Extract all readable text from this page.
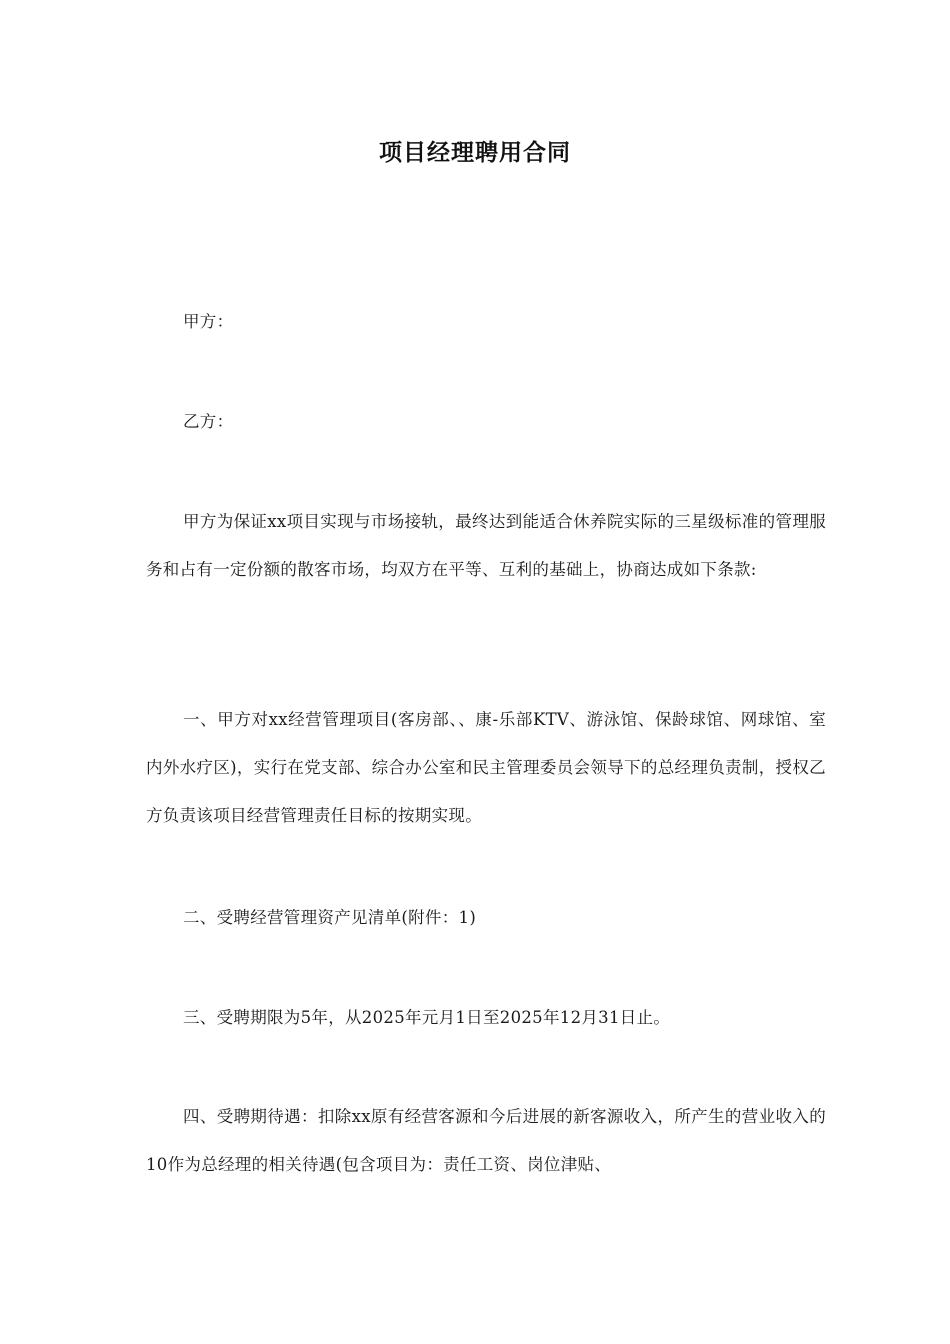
项目经理聘用合同
甲方：
乙方：
甲方为保证xx项目实现与市场接轨，最终达到能适合休养院实际的三星级标准的管理服务和占有一定份额的散客市场，均双方在平等、互利的基础上，协商达成如下条款:
一、甲方对xx经营管理项目(客房部、、康-乐部KTV、游泳馆、保龄球馆、网球馆、室内外水疗区)，实行在党支部、综合办公室和民主管理委员会领导下的总经理负责制，授权乙方负责该项目经营管理责任目标的按期实现。
二、受聘经营管理资产见清单(附件：1)
三、受聘期限为5年，从2025年元月1日至2025年12月31日止。
四、受聘期待遇：扣除xx原有经营客源和今后进展的新客源收入，所产生的营业收入的10作为总经理的相关待遇(包含项目为：责任工资、岗位津贴、
